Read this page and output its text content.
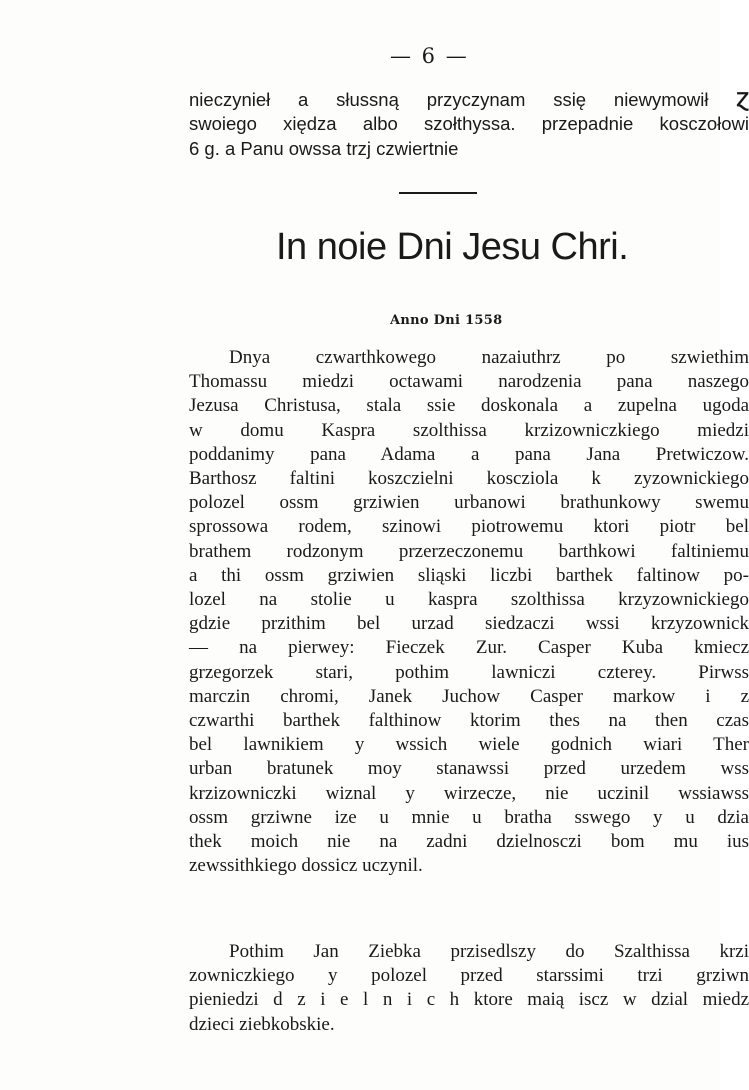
— 6 —
nieczynieł a słussną przyczynam ssię niewymowił Ɀ
swoiego xiędza albo szołthyssa. przepadnie kosczołowi
6 g. a Panu owssa trzj czwiertnie
In noie Dni Jesu Chri.
Anno Dni 1558
Dnya czwarthkowego nazaiuthrz po szwiethim
Thomassu miedzi octawami narodzenia pana naszego
Jezusa Christusa, stala ssie doskonala a zupelna ugoda
w domu Kaspra szolthissa krzizowniczkiego miedzi
poddanimy pana Adama a pana Jana Pretwiczow.
Barthosz faltini koszczielni koscziola k zyzownickiego
polozel ossm grziwien urbanowi brathunkowy swemu
sprossowa rodem, szinowi piotrowemu ktori piotr bel
brathem rodzonym przerzeczonemu barthkowi faltiniemu
a thi ossm grziwien sliąski liczbi barthek faltinow po-
lozel na stolie u kaspra szolthissa krzyzownickiego
gdzie przithim bel urzad siedzaczi wssi krzyzownick
— na pierwey: Fieczek Zur. Casper Kuba kmiecz
grzegorzek stari, pothim lawniczi czterey. Pirwss
marczin chromi, Janek Juchow Casper markow i z
czwarthi barthek falthinow ktorim thes na then czas
bel lawnikiem y wssich wiele godnich wiari Ther
urban bratunek moy stanawssi przed urzedem wss
krzizowniczki wiznal y wirzecze, nie uczinil wssiawss
ossm grziwne ize u mnie u bratha sswego y u dzia
thek moich nie na zadni dzielnosczi bom mu ius
zewssithkiego dossicz uczynil.
Pothim Jan Ziebka przisedlszy do Szalthissa krzi
zowniczkiego y polozel przed starssimi trzi grziwn
pieniedzi d z i e l n i c h ktore maią iscz w dzial miedz
dzieci ziebkobskie.
